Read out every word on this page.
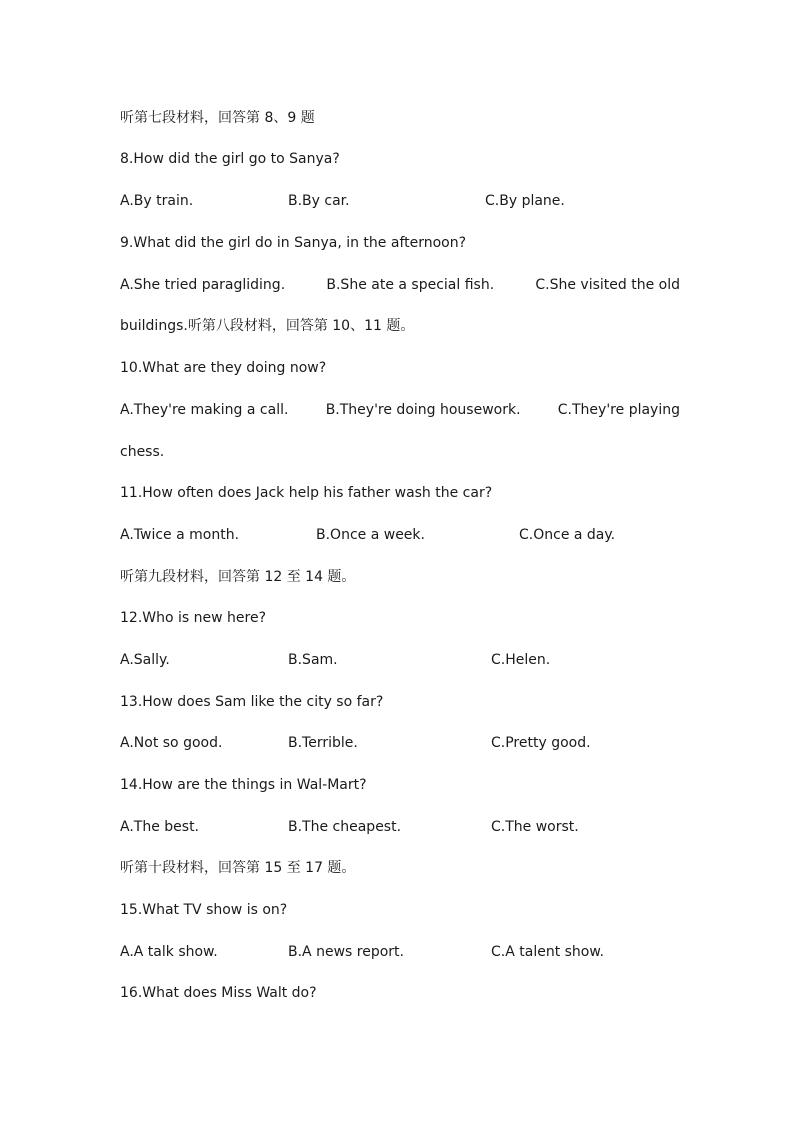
听第七段材料，回答第 8、9 题
8.How did the girl go to Sanya?
A.By train.	B.By car.	C.By plane.
9.What did the girl do in Sanya, in the afternoon?
A.She tried paragliding.	B.She ate a special fish.	C.She visited the old
buildings.听第八段材料，回答第 10、11 题。
10.What are they doing now?
A.They're making a call.	B.They're doing housework.	C.They're playing
chess.
11.How often does Jack help his father wash the car?
A.Twice a month.	B.Once a week.	C.Once a day.
听第九段材料，回答第 12 至 14 题。
12.Who is new here?
A.Sally.	B.Sam.	C.Helen.
13.How does Sam like the city so far?
A.Not so good.	B.Terrible.	C.Pretty good.
14.How are the things in Wal-Mart?
A.The best.	B.The cheapest.	C.The worst.
听第十段材料，回答第 15 至 17 题。
15.What TV show is on?
A.A talk show.	B.A news report.	C.A talent show.
16.What does Miss Walt do?
